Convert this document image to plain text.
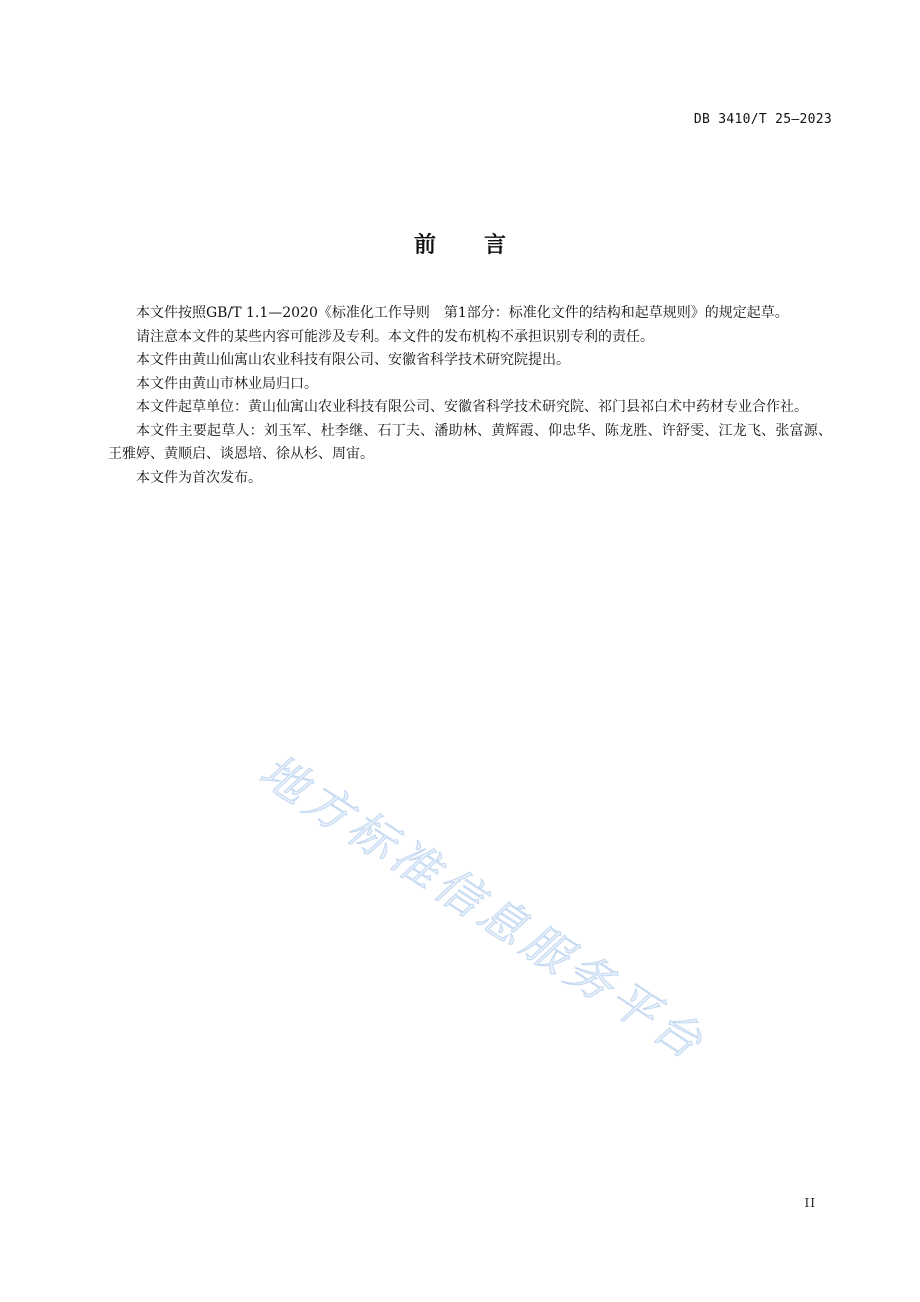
DB 3410/T 25—2023
前言

本文件按照GB/T 1.1—2020《标准化工作导则　第1部分：标准化文件的结构和起草规则》的规定起草。

请注意本文件的某些内容可能涉及专利。本文件的发布机构不承担识别专利的责任。

本文件由黄山仙寓山农业科技有限公司、安徽省科学技术研究院提出。

本文件由黄山市林业局归口。

本文件起草单位：黄山仙寓山农业科技有限公司、安徽省科学技术研究院、祁门县祁白术中药材专业合作社。

本文件主要起草人：刘玉军、杜李继、石丁夫、潘助林、黄辉霞、仰忠华、陈龙胜、许舒雯、江龙飞、张富源、王雅婷、黄顺启、谈恩培、徐从杉、周宙。

本文件为首次发布。

地方标准信息服务平台
II
